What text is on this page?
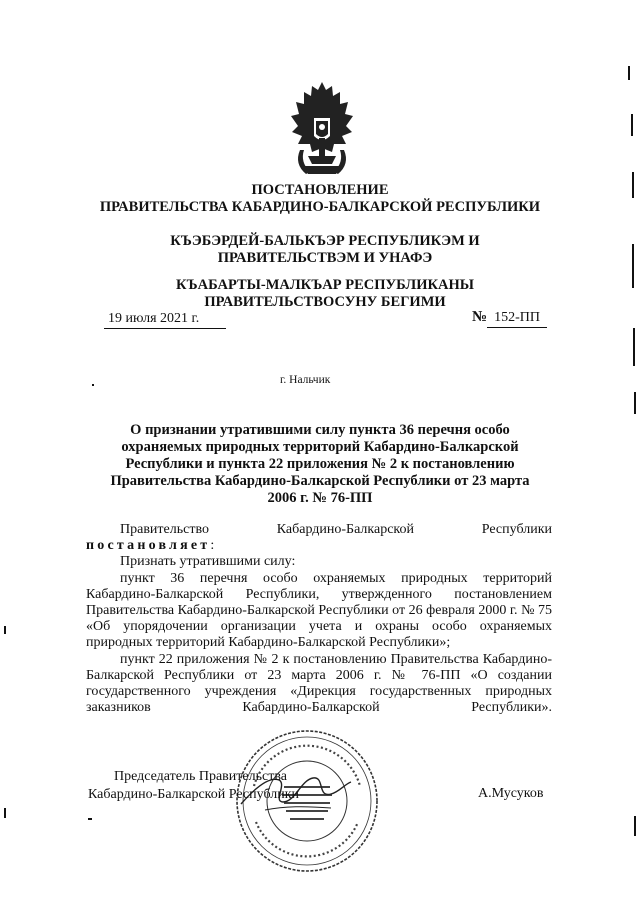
ПОСТАНОВЛЕНИЕ
ПРАВИТЕЛЬСТВА КАБАРДИНО-БАЛКАРСКОЙ РЕСПУБЛИКИ
КЪЭБЭРДЕЙ-БАЛЬКЪЭР РЕСПУБЛИКЭМ И ПРАВИТЕЛЬСТВЭМ И УНАФЭ
КЪАБАРТЫ-МАЛКЪАР РЕСПУБЛИКАНЫ ПРАВИТЕЛЬСТВОСУНУ БЕГИМИ
19 июля 2021 г.	№ 152-ПП
г. Нальчик
О признании утратившими силу пункта 36 перечня особо охраняемых природных территорий Кабардино-Балкарской Республики и пункта 22 приложения № 2 к постановлению Правительства Кабардино-Балкарской Республики от 23 марта 2006 г. № 76-ПП

Правительство Кабардино-Балкарской Республики

постановляет:

Признать утратившими силу:

пункт 36 перечня особо охраняемых природных территорий Кабардино-Балкарской Республики, утвержденного постановлением Правительства Кабардино-Балкарской Республики от 26 февраля 2000 г. № 75 «Об упорядочении организации учета и охраны особо охраняемых природных территорий Кабардино-Балкарской Республики»;

пункт 22 приложения № 2 к постановлению Правительства Кабардино-Балкарской Республики от 23 марта 2006 г. № 76-ПП «О создании государственного учреждения «Дирекция государственных природных заказников Кабардино-Балкарской Республики».

Председатель Правительства
Кабардино-Балкарской Республики	А.Мусуков
